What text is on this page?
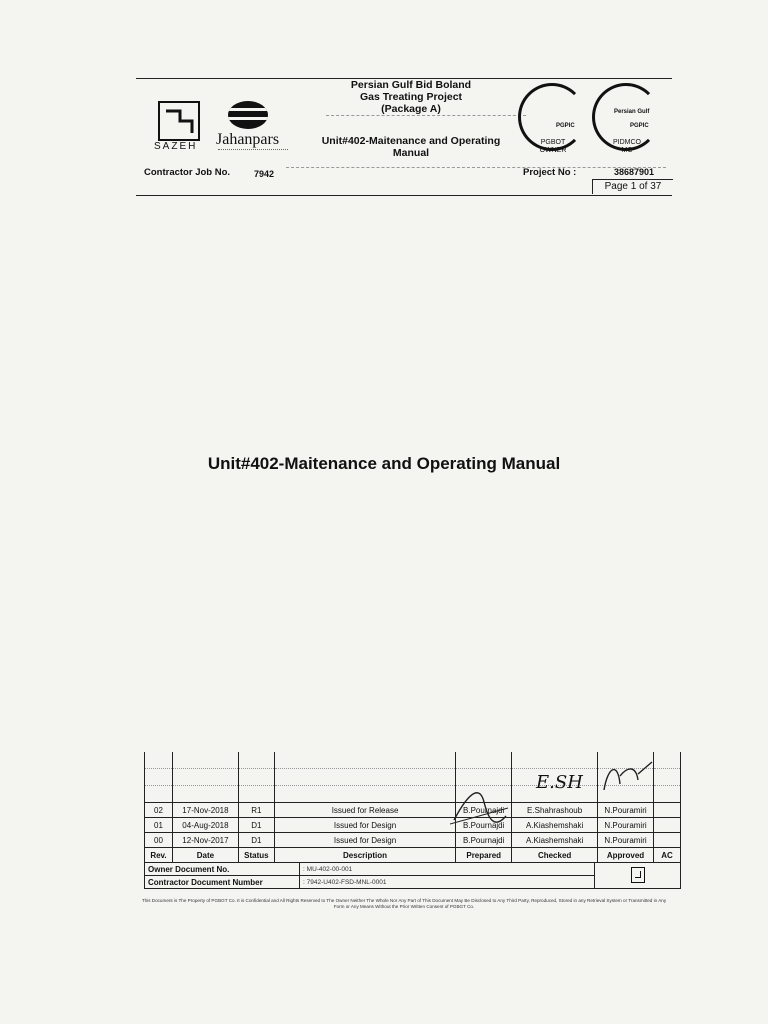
SAZEH Jahanpars
Persian Gulf Bid Boland
Gas Treating Project
(Package A)
Unit#402-Maitenance and Operating
Manual
PGPIC
PGBOT
OWNER
Persian Gulf
PGPIC
PIDMCO
MC
Contractor Job No.	7942	Project No :	38687901
Page 1 of 37
Unit#402-Maitenance and Operating Manual

02	17-Nov-2018	R1	Issued for Release	B.Pournajdi	E.Shahrashoub	N.Pouramiri	
01	04-Aug-2018	D1	Issued for Design	B.Pournajdi	A.Kiashemshaki	N.Pouramiri	
00	12-Nov-2017	D1	Issued for Design	B.Pournajdi	A.Kiashemshaki	N.Pouramiri	
Rev.	Date	Status	Description	Prepared	Checked	Approved	AC
E.SH
Owner Document No.	: MU-402-00-001	
Contractor Document Number	: 7942-U402-FSD-MNL-0001	
This Document is The Property of PGBGT Co. It is Confidential and All Rights Reserved to The Owner Neither The Whole Nor Any Part of This Document May Be Disclosed to Any Third Party, Reproduced, Stored in any Retrieval System or Transmitted in Any Form or Any Means Without the Prior Written Consent of PGBGT Co.
